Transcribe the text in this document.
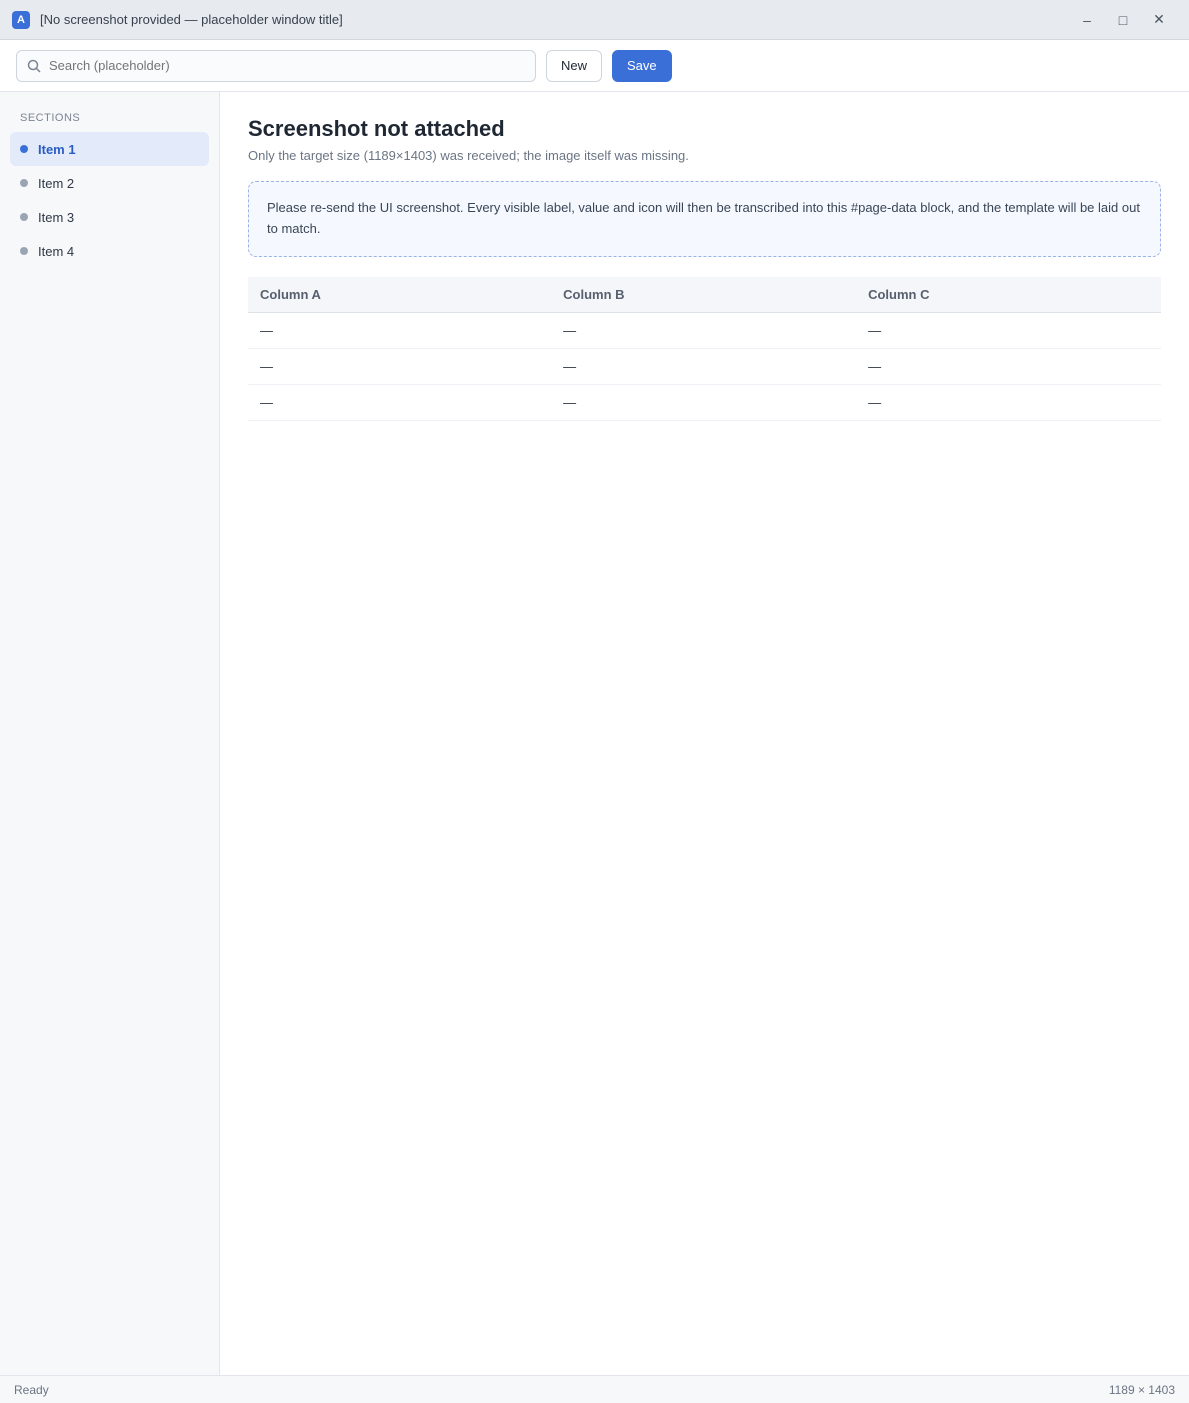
A	[No screenshot provided — placeholder window title]	– □ ✕
Search (placeholder)
New	Save
SECTIONS
Item 1
Item 2
Item 3
Item 4
Screenshot not attached

Only the target size (1189×1403) was received; the image itself was missing.

Please re-send the UI screenshot. Every visible label, value and icon will then be transcribed into this #page-data block, and the template will be laid out to match.
Column A	Column B	Column C
—	—	—
—	—	—
—	—	—
Ready	1189 × 1403
